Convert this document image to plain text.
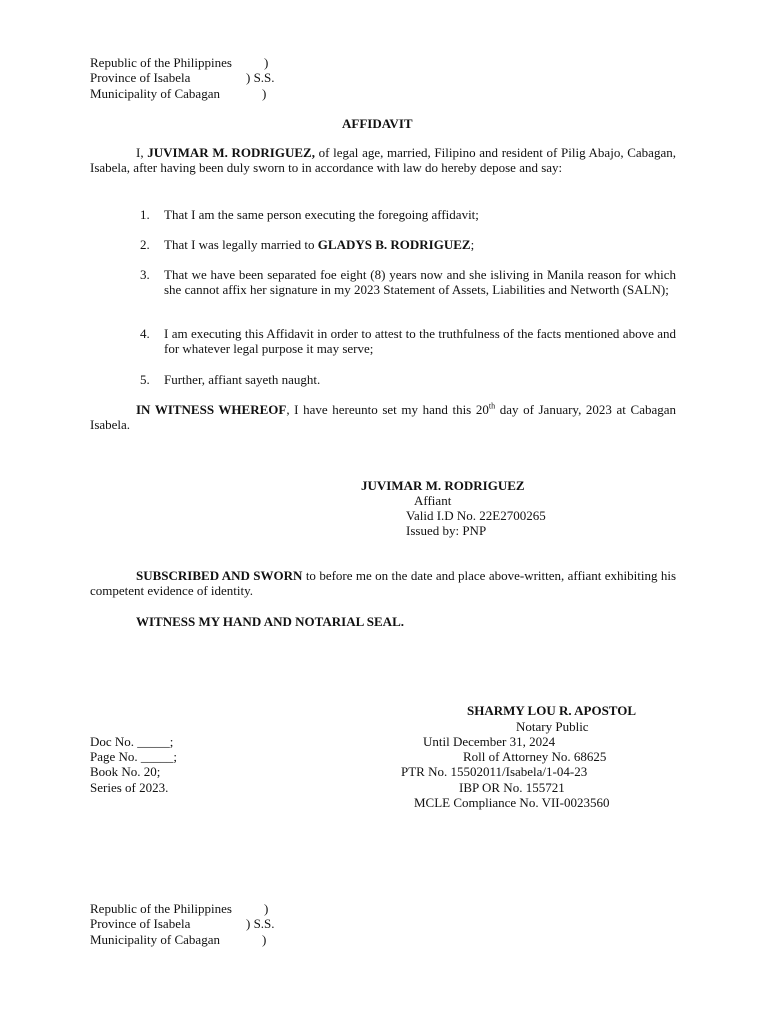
Republic of the Philippines )
Province of Isabela	) S.S.
Municipality of Cabagan	)
AFFIDAVIT
I, JUVIMAR M. RODRIGUEZ, of legal age, married, Filipino and resident of Pilig Abajo, Cabagan, Isabela, after having been duly sworn to in accordance with law do hereby depose and say:
1. That I am the same person executing the foregoing affidavit;
2. That I was legally married to GLADYS B. RODRIGUEZ;
3. That we have been separated foe eight (8) years now and she isliving in Manila reason for which she cannot affix her signature in my 2023 Statement of Assets, Liabilities and Networth (SALN);
4. I am executing this Affidavit in order to attest to the truthfulness of the facts mentioned above and for whatever legal purpose it may serve;
5. Further, affiant sayeth naught.
IN WITNESS WHEREOF, I have hereunto set my hand this 20th day of January, 2023 at Cabagan Isabela.
JUVIMAR M. RODRIGUEZ
Affiant
Valid I.D No. 22E2700265
Issued by: PNP
SUBSCRIBED AND SWORN to before me on the date and place above-written, affiant exhibiting his competent evidence of identity.
WITNESS MY HAND AND NOTARIAL SEAL.
SHARMY LOU R. APOSTOL
Notary Public
Until December 31, 2024
Roll of Attorney No. 68625
PTR No. 15502011/Isabela/1-04-23
IBP OR No. 155721
MCLE Compliance No. VII-0023560
Doc No. _____;
Page No. _____;
Book No. 20;
Series of 2023.
Republic of the Philippines )
Province of Isabela	) S.S.
Municipality of Cabagan	)
